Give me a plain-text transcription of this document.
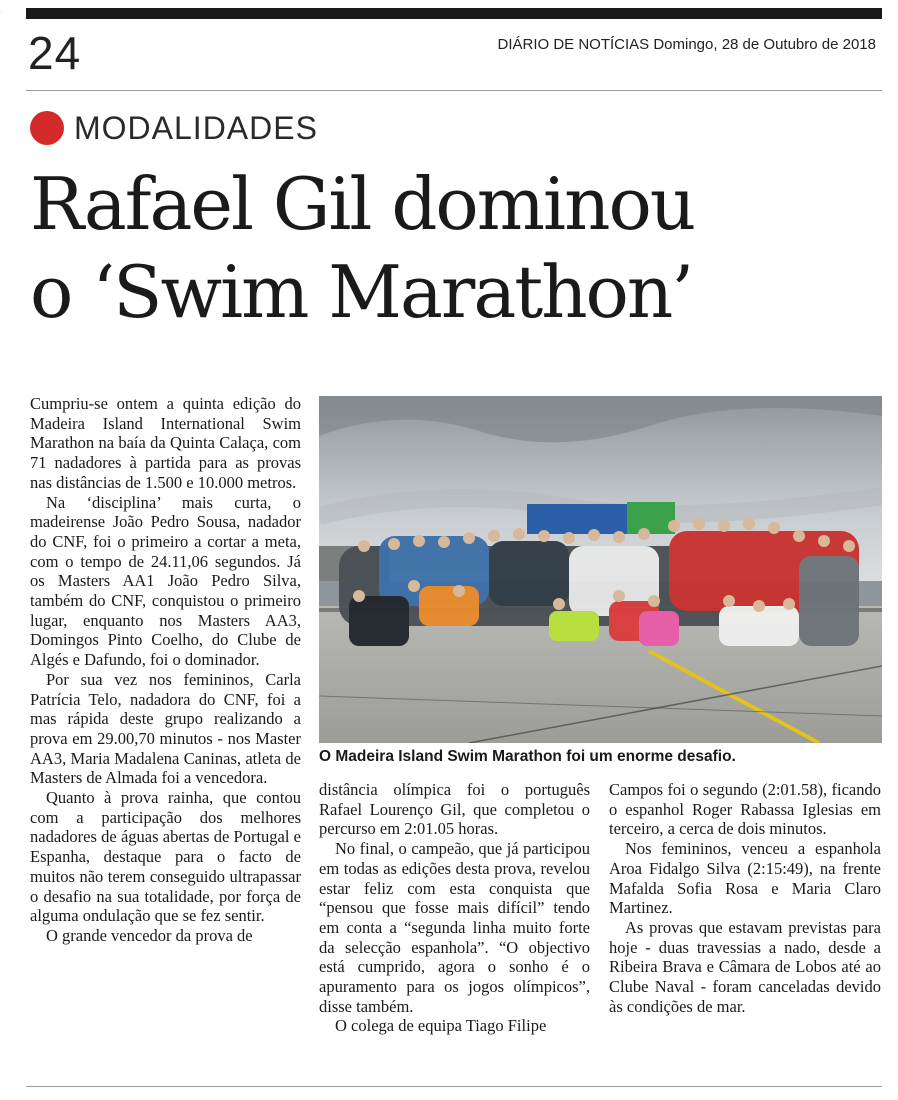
·
24	DIÁRIO DE NOTÍCIAS Domingo, 28 de Outubro de 2018
MODALIDADES
Rafael Gil dominou
o ‘Swim Marathon’

Cumpriu-se ontem a quinta edição do Madeira Island International Swim Marathon na baía da Quinta Calaça, com 71 nadadores à partida para as provas nas distâncias de 1.500 e 10.000 metros.

Na ‘disciplina’ mais curta, o madeirense João Pedro Sousa, nadador do CNF, foi o primeiro a cortar a meta, com o tempo de 24.11,06 segundos. Já os Masters AA1 João Pedro Silva, também do CNF, conquistou o primeiro lugar, enquanto nos Masters AA3, Domingos Pinto Coelho, do Clube de Algés e Dafundo, foi o dominador.

Por sua vez nos femininos, Carla Patrícia Telo, nadadora do CNF, foi a mas rápida deste grupo realizando a prova em 29.00,70 minutos - nos Master AA3, Maria Madalena Caninas, atleta de Masters de Almada foi a vencedora.

Quanto à prova rainha, que contou com a participação dos melhores nadadores de águas abertas de Portugal e Espanha, destaque para o facto de muitos não terem conseguido ultrapassar o desafio na sua totalidade, por força de alguma ondulação que se fez sentir.

O grande vencedor da prova de

O Madeira Island Swim Marathon foi um enorme desafio.

distância olímpica foi o português Rafael Lourenço Gil, que completou o percurso em 2:01.05 horas.

No final, o campeão, que já participou em todas as edições desta prova, revelou estar feliz com esta conquista que “pensou que fosse mais difícil” tendo em conta a “segunda linha muito forte da selecção espanhola”. “O objectivo está cumprido, agora o sonho é o apuramento para os jogos olímpicos”, disse também.

O colega de equipa Tiago Filipe

Campos foi o segundo (2:01.58), ficando o espanhol Roger Rabassa Iglesias em terceiro, a cerca de dois minutos.

Nos femininos, venceu a espanhola Aroa Fidalgo Silva (2:15:49), na frente Mafalda Sofia Rosa e Maria Claro Martinez.

As provas que estavam previstas para hoje - duas travessias a nado, desde a Ribeira Brava e Câmara de Lobos até ao Clube Naval - foram canceladas devido às condições de mar.
